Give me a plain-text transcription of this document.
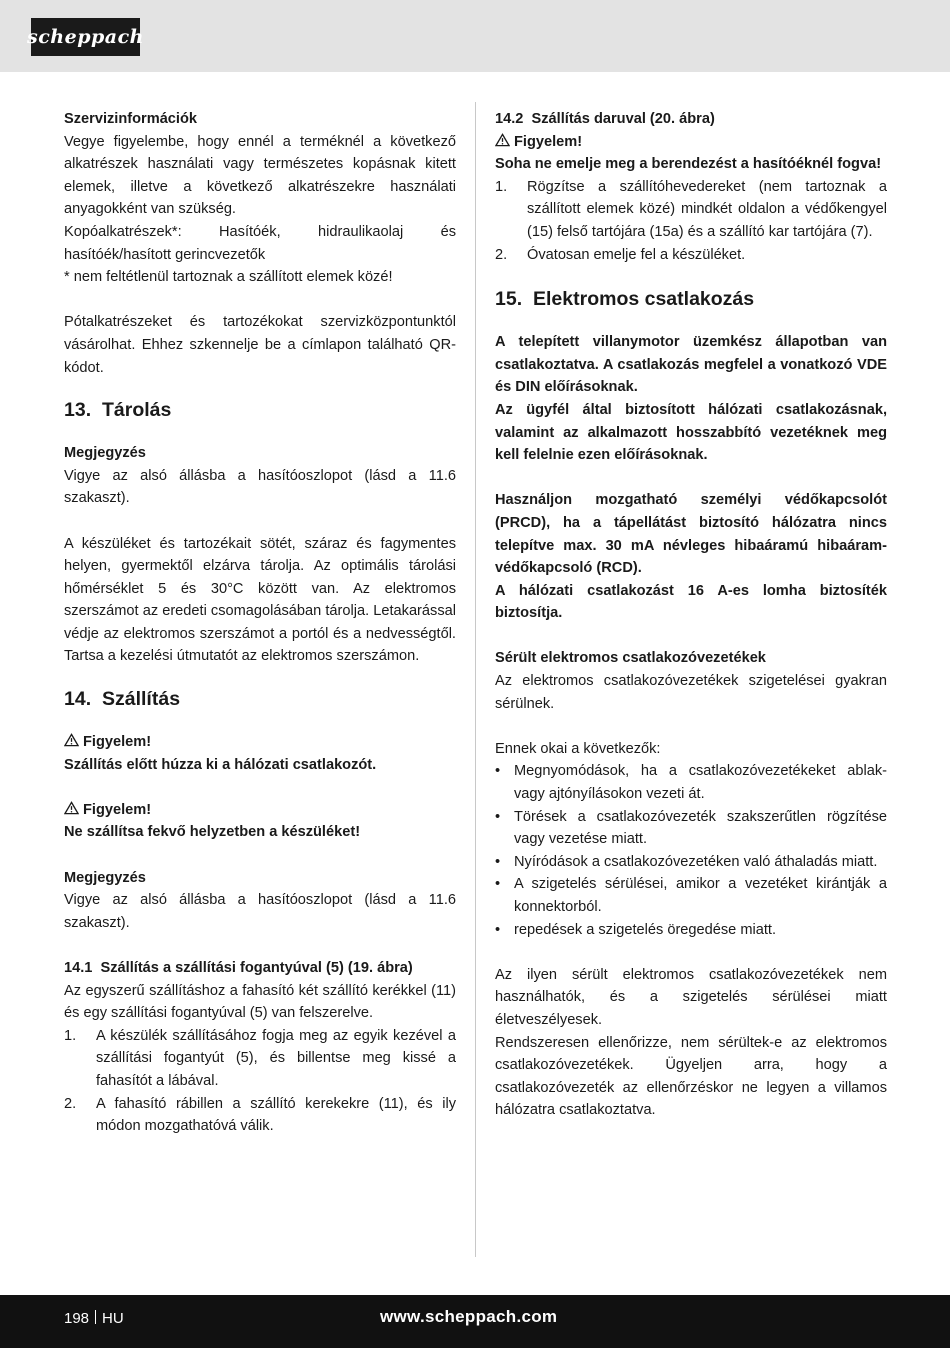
scheppach
Szervizinformációk
Vegye figyelembe, hogy ennél a terméknél a következő alkatrészek használati vagy természetes kopásnak kitett elemek, illetve a következő alkatrészekre használati anyagokként van szükség.
Kopóalkatrészek*: Hasítóék, hidraulikaolaj és hasítóék/hasított gerincvezetők
* nem feltétlenül tartoznak a szállított elemek közé!
Pótalkatrészeket és tartozékokat szervizközpontunktól vásárolhat. Ehhez szkennelje be a címlapon található QR-kódot.
13. Tárolás
Megjegyzés
Vigye az alsó állásba a hasítóoszlopot (lásd a 11.6 szakaszt).
A készüléket és tartozékait sötét, száraz és fagymentes helyen, gyermektől elzárva tárolja. Az optimális tárolási hőmérséklet 5 és 30°C között van. Az elektromos szerszámot az eredeti csomagolásában tárolja. Letakarással védje az elektromos szerszámot a portól és a nedvességtől. Tartsa a kezelési útmutatót az elektromos szerszámon.
14. Szállítás
Figyelem!
Szállítás előtt húzza ki a hálózati csatlakozót.
Figyelem!
Ne szállítsa fekvő helyzetben a készüléket!
Megjegyzés
Vigye az alsó állásba a hasítóoszlopot (lásd a 11.6 szakaszt).
14.1  Szállítás a szállítási fogantyúval (5) (19. ábra)
Az egyszerű szállításhoz a fahasító két szállító kerékkel (11) és egy szállítási fogantyúval (5) van felszerelve.
1.	A készülék szállításához fogja meg az egyik kezével a szállítási fogantyút (5), és billentse meg kissé a fahasítót a lábával.
2.	A fahasító rábillen a szállító kerekekre (11), és ily módon mozgathatóvá válik.
14.2  Szállítás daruval (20. ábra)
Figyelem!
Soha ne emelje meg a berendezést a hasítóéknél fogva!
1.	Rögzítse a szállítóhevedereket (nem tartoznak a szállított elemek közé) mindkét oldalon a védőkengyel (15) felső tartójára (15a) és a szállító kar tartójára (7).
2.	Óvatosan emelje fel a készüléket.
15. Elektromos csatlakozás
A telepített villanymotor üzemkész állapotban van csatlakoztatva. A csatlakozás megfelel a vonatkozó VDE és DIN előírásoknak.
Az ügyfél által biztosított hálózati csatlakozásnak, valamint az alkalmazott hosszabbító vezetéknek meg kell felelnie ezen előírásoknak.
Használjon mozgatható személyi védőkapcsolót (PRCD), ha a tápellátást biztosító hálózatra nincs telepítve max. 30 mA névleges hibaáramú hibaáram-védőkapcsoló (RCD).
A hálózati csatlakozást 16 A-es lomha biztosíték biztosítja.
Sérült elektromos csatlakozóvezetékek
Az elektromos csatlakozóvezetékek szigetelései gyakran sérülnek.
Ennek okai a következők:
• Megnyomódások, ha a csatlakozóvezetékeket ablak- vagy ajtónyílásokon vezeti át.
• Törések a csatlakozóvezeték szakszerűtlen rögzítése vagy vezetése miatt.
• Nyíródások a csatlakozóvezetéken való áthaladás miatt.
• A szigetelés sérülései, amikor a vezetéket kirántják a konnektorból.
• repedések a szigetelés öregedése miatt.
Az ilyen sérült elektromos csatlakozóvezetékek nem használhatók, és a szigetelés sérülései miatt életveszélyesek.
Rendszeresen ellenőrizze, nem sérültek-e az elektromos csatlakozóvezetékek. Ügyeljen arra, hogy a csatlakozóvezeték az ellenőrzéskor ne legyen a villamos hálózatra csatlakoztatva.
198 HU	www.scheppach.com
